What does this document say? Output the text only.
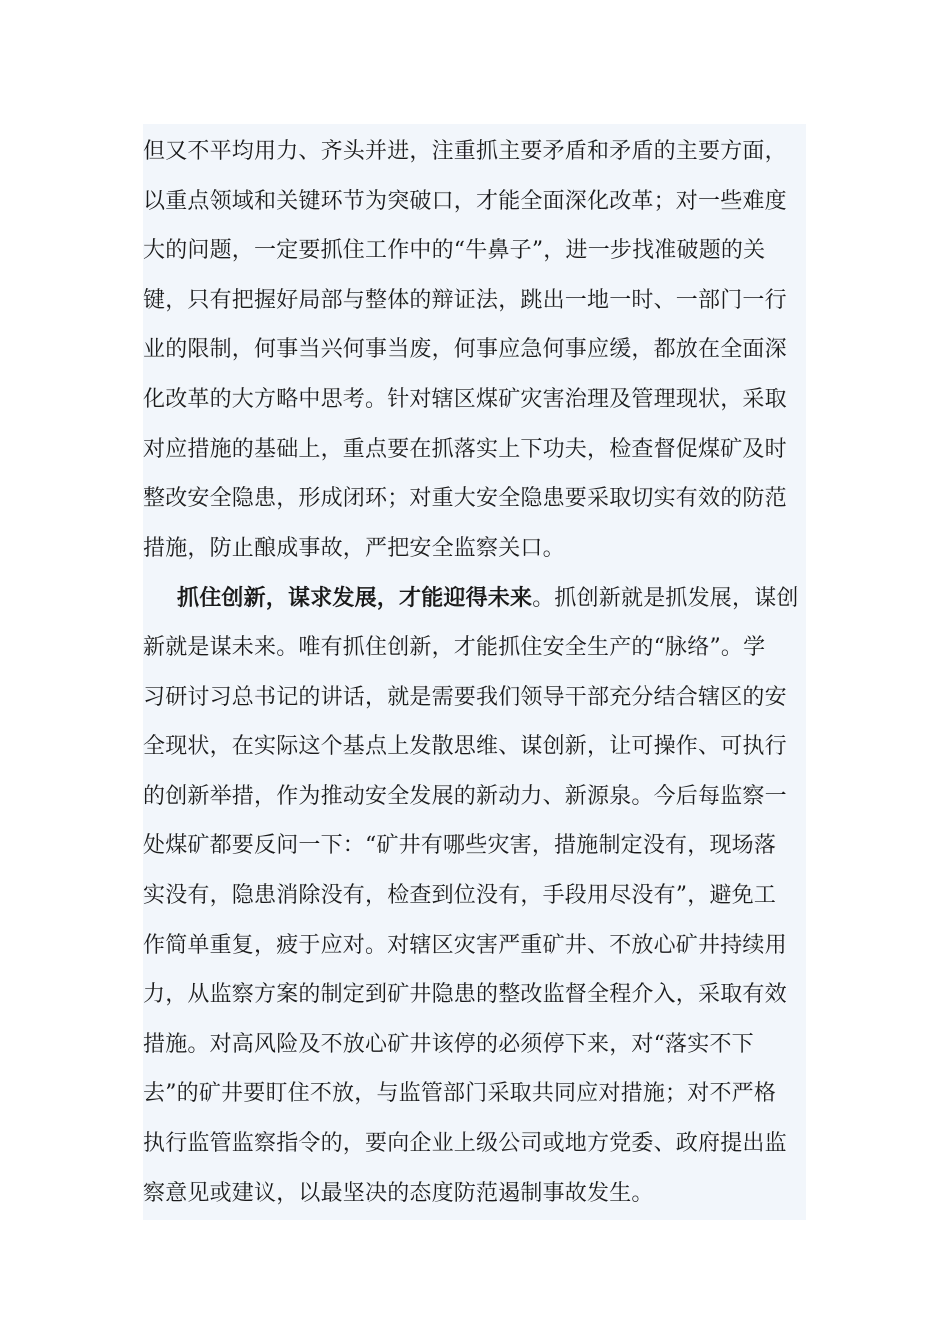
但又不平均用力、齐头并进，注重抓主要矛盾和矛盾的主要方面，
以重点领域和关键环节为突破口，才能全面深化改革；对一些难度
大的问题，一定要抓住工作中的“牛鼻子”，进一步找准破题的关
键，只有把握好局部与整体的辩证法，跳出一地一时、一部门一行
业的限制，何事当兴何事当废，何事应急何事应缓，都放在全面深
化改革的大方略中思考。针对辖区煤矿灾害治理及管理现状，采取
对应措施的基础上，重点要在抓落实上下功夫，检查督促煤矿及时
整改安全隐患，形成闭环；对重大安全隐患要采取切实有效的防范
措施，防止酿成事故，严把安全监察关口。
抓住创新，谋求发展，才能迎得未来。抓创新就是抓发展，谋创
新就是谋未来。唯有抓住创新，才能抓住安全生产的“脉络”。学
习研讨习总书记的讲话，就是需要我们领导干部充分结合辖区的安
全现状，在实际这个基点上发散思维、谋创新，让可操作、可执行
的创新举措，作为推动安全发展的新动力、新源泉。今后每监察一
处煤矿都要反问一下：“矿井有哪些灾害，措施制定没有，现场落
实没有，隐患消除没有，检查到位没有，手段用尽没有”，避免工
作简单重复，疲于应对。对辖区灾害严重矿井、不放心矿井持续用
力，从监察方案的制定到矿井隐患的整改监督全程介入，采取有效
措施。对高风险及不放心矿井该停的必须停下来，对“落实不下
去”的矿井要盯住不放，与监管部门采取共同应对措施；对不严格
执行监管监察指令的，要向企业上级公司或地方党委、政府提出监
察意见或建议，以最坚决的态度防范遏制事故发生。
